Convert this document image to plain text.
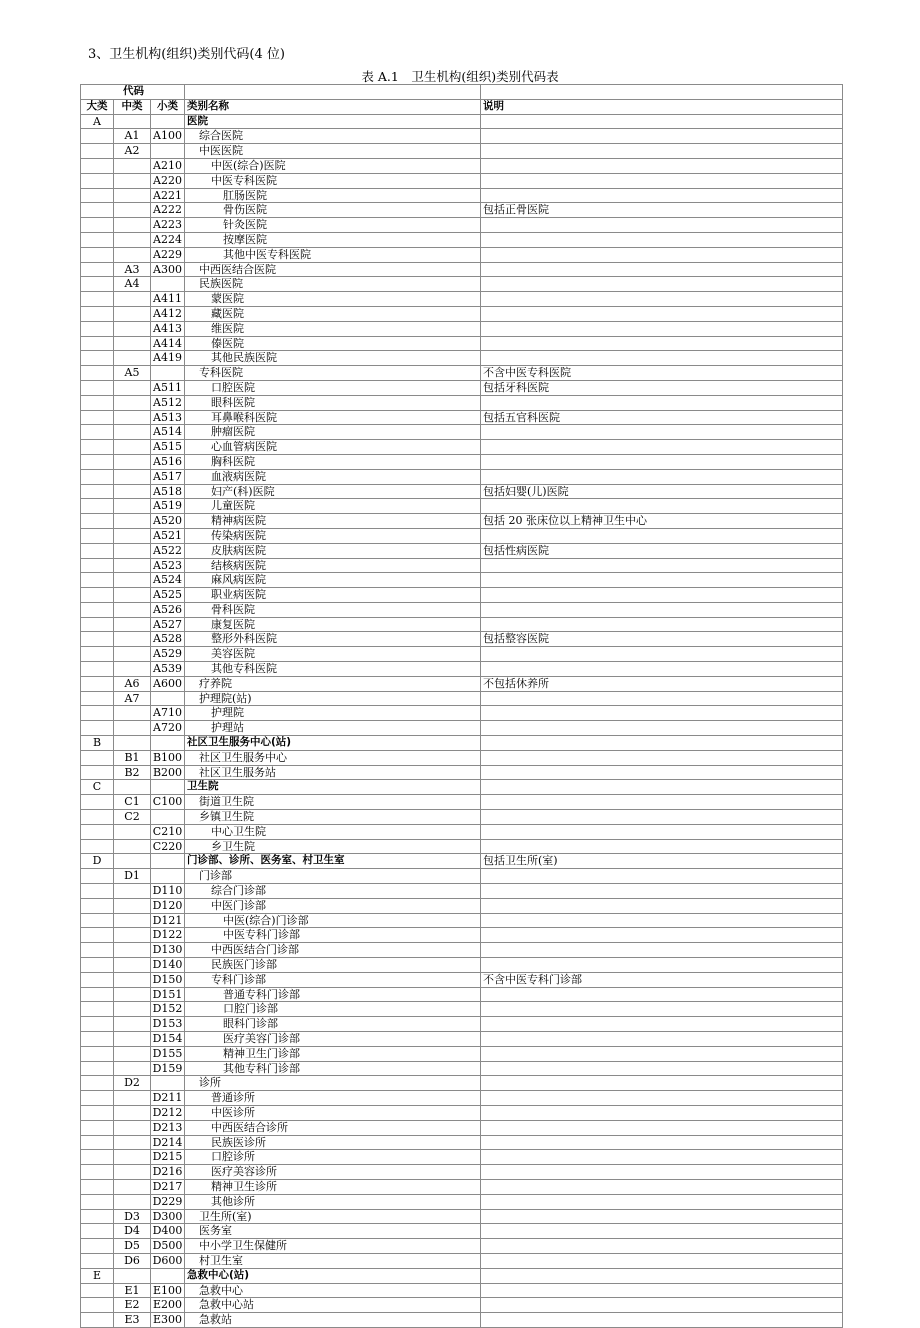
3、卫生机构(组织)类别代码(4 位)
表 A.1　卫生机构(组织)类别代码表
代码				
大类	中类	小类	类别名称	说明
A			医院	
	A1	A100	综合医院	
	A2		中医医院	
		A210	中医(综合)医院	
		A220	中医专科医院	
		A221	肛肠医院	
		A222	骨伤医院	包括正骨医院
		A223	针灸医院	
		A224	按摩医院	
		A229	其他中医专科医院	
	A3	A300	中西医结合医院	
	A4		民族医院	
		A411	蒙医院	
		A412	藏医院	
		A413	维医院	
		A414	傣医院	
		A419	其他民族医院	
	A5		专科医院	不含中医专科医院
		A511	口腔医院	包括牙科医院
		A512	眼科医院	
		A513	耳鼻喉科医院	包括五官科医院
		A514	肿瘤医院	
		A515	心血管病医院	
		A516	胸科医院	
		A517	血液病医院	
		A518	妇产(科)医院	包括妇婴(儿)医院
		A519	儿童医院	
		A520	精神病医院	包括 20 张床位以上精神卫生中心
		A521	传染病医院	
		A522	皮肤病医院	包括性病医院
		A523	结核病医院	
		A524	麻风病医院	
		A525	职业病医院	
		A526	骨科医院	
		A527	康复医院	
		A528	整形外科医院	包括整容医院
		A529	美容医院	
		A539	其他专科医院	
	A6	A600	疗养院	不包括休养所
	A7		护理院(站)	
		A710	护理院	
		A720	护理站	
B			社区卫生服务中心(站)	
	B1	B100	社区卫生服务中心	
	B2	B200	社区卫生服务站	
C			卫生院	
	C1	C100	街道卫生院	
	C2		乡镇卫生院	
		C210	中心卫生院	
		C220	乡卫生院	
D			门诊部、诊所、医务室、村卫生室	包括卫生所(室)
	D1		门诊部	
		D110	综合门诊部	
		D120	中医门诊部	
		D121	中医(综合)门诊部	
		D122	中医专科门诊部	
		D130	中西医结合门诊部	
		D140	民族医门诊部	
		D150	专科门诊部	不含中医专科门诊部
		D151	普通专科门诊部	
		D152	口腔门诊部	
		D153	眼科门诊部	
		D154	医疗美容门诊部	
		D155	精神卫生门诊部	
		D159	其他专科门诊部	
	D2		诊所	
		D211	普通诊所	
		D212	中医诊所	
		D213	中西医结合诊所	
		D214	民族医诊所	
		D215	口腔诊所	
		D216	医疗美容诊所	
		D217	精神卫生诊所	
		D229	其他诊所	
	D3	D300	卫生所(室)	
	D4	D400	医务室	
	D5	D500	中小学卫生保健所	
	D6	D600	村卫生室	
E			急救中心(站)	
	E1	E100	急救中心	
	E2	E200	急救中心站	
	E3	E300	急救站	
